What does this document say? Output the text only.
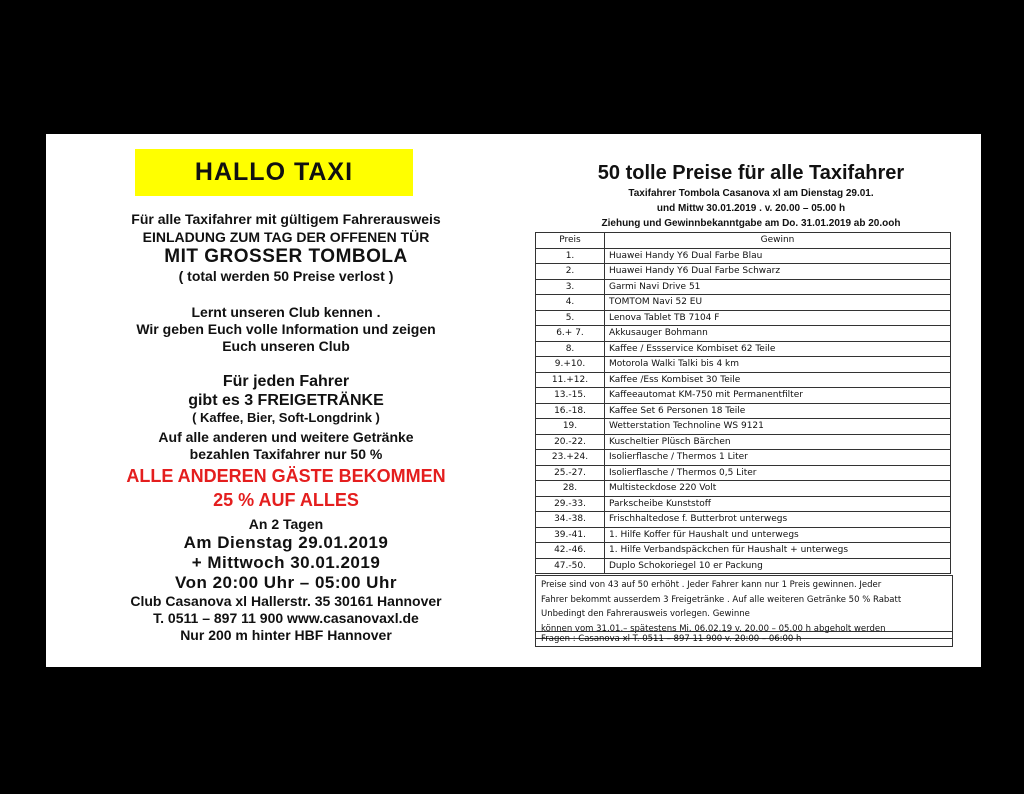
HALLO TAXI
Für alle Taxifahrer mit gültigem Fahrerausweis
EINLADUNG ZUM TAG DER OFFENEN TÜR
MIT GROSSER TOMBOLA
( total werden 50 Preise verlost )
Lernt unseren Club kennen .
Wir geben Euch volle Information und zeigen
Euch unseren Club
Für jeden Fahrer
gibt es 3 FREIGETRÄNKE
( Kaffee, Bier, Soft-Longdrink )
Auf alle anderen und weitere Getränke
bezahlen Taxifahrer nur 50 %
ALLE ANDEREN GÄSTE BEKOMMEN
25 % AUF ALLES
An 2 Tagen
Am Dienstag 29.01.2019
+ Mittwoch 30.01.2019
Von 20:00 Uhr – 05:00 Uhr
Club Casanova xl Hallerstr. 35 30161 Hannover
T. 0511 – 897 11 900 www.casanovaxl.de
Nur 200 m hinter HBF Hannover
50 tolle Preise für alle Taxifahrer
Taxifahrer Tombola Casanova xl am Dienstag 29.01.
und Mittw 30.01.2019 . v. 20.00 – 05.00 h
Ziehung und Gewinnbekanntgabe am Do. 31.01.2019 ab 20.ooh
Preis	Gewinn
1.	Huawei Handy Y6 Dual Farbe Blau
2.	Huawei Handy Y6 Dual Farbe Schwarz
3.	Garmi Navi Drive 51
4.	TOMTOM Navi 52 EU
5.	Lenova Tablet TB 7104 F
6.+ 7.	Akkusauger Bohmann
8.	Kaffee / Essservice Kombiset 62 Teile
9.+10.	Motorola Walki Talki bis 4 km
11.+12.	Kaffee /Ess Kombiset 30 Teile
13.-15.	Kaffeeautomat KM-750 mit Permanentfilter
16.-18.	Kaffee Set 6 Personen 18 Teile
19.	Wetterstation Technoline WS 9121
20.-22.	Kuscheltier Plüsch Bärchen
23.+24.	Isolierflasche / Thermos 1 Liter
25.-27.	Isolierflasche / Thermos 0,5 Liter
28.	Multisteckdose 220 Volt
29.-33.	Parkscheibe Kunststoff
34.-38.	Frischhaltedose f. Butterbrot unterwegs
39.-41.	1. Hilfe Koffer für Haushalt und unterwegs
42.-46.	1. Hilfe Verbandspäckchen für Haushalt + unterwegs
47.-50.	Duplo Schokoriegel 10 er Packung
Preise sind von 43 auf 50 erhöht . Jeder Fahrer kann nur 1 Preis gewinnen. Jeder
Fahrer bekommt ausserdem 3 Freigetränke . Auf alle weiteren Getränke 50 % Rabatt
Unbedingt den Fahrerausweis vorlegen. Gewinne
können vom 31.01.– spätestens Mi. 06.02.19 v. 20.00 – 05.00 h abgeholt werden
Fragen : Casanova xl T. 0511 – 897 11 900 v. 20:00 – 06:00 h
